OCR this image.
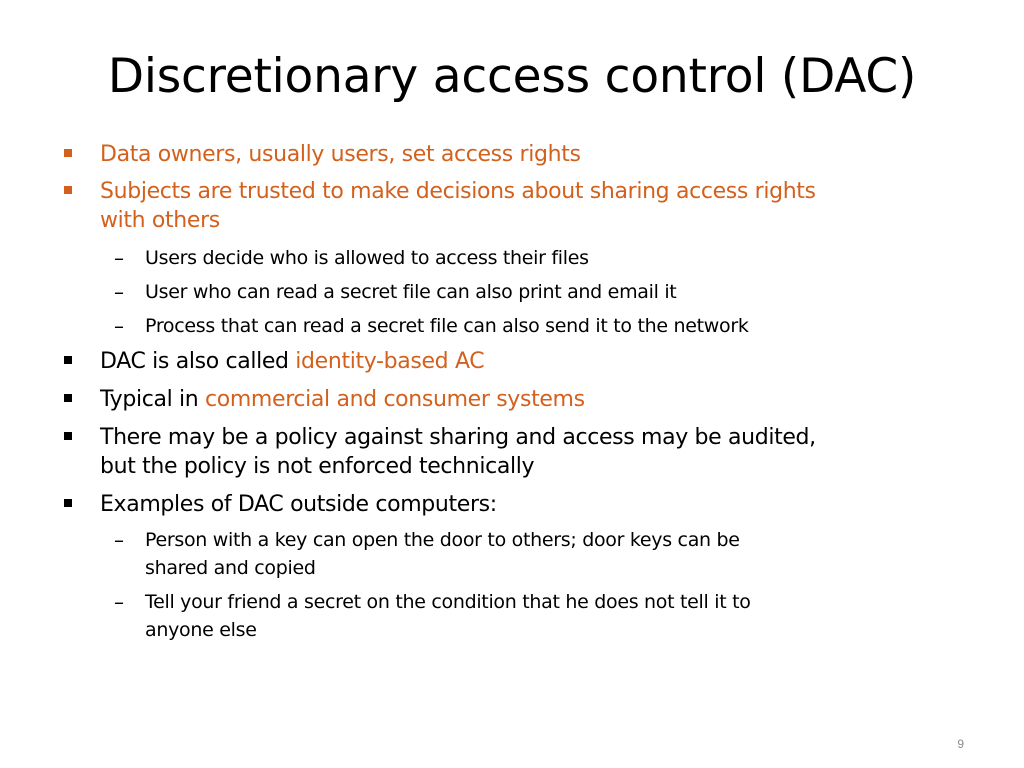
Discretionary access control (DAC)
Data owners, usually users, set access rights
Subjects are trusted to make decisions about sharing access rights
with others
– Users decide who is allowed to access their files
– User who can read a secret file can also print and email it
– Process that can read a secret file can also send it to the network
DAC is also called identity-based AC
Typical in commercial and consumer systems
There may be a policy against sharing and access may be audited,
but the policy is not enforced technically
Examples of DAC outside computers:
– Person with a key can open the door to others; door keys can be
shared and copied
– Tell your friend a secret on the condition that he does not tell it to
anyone else
9
